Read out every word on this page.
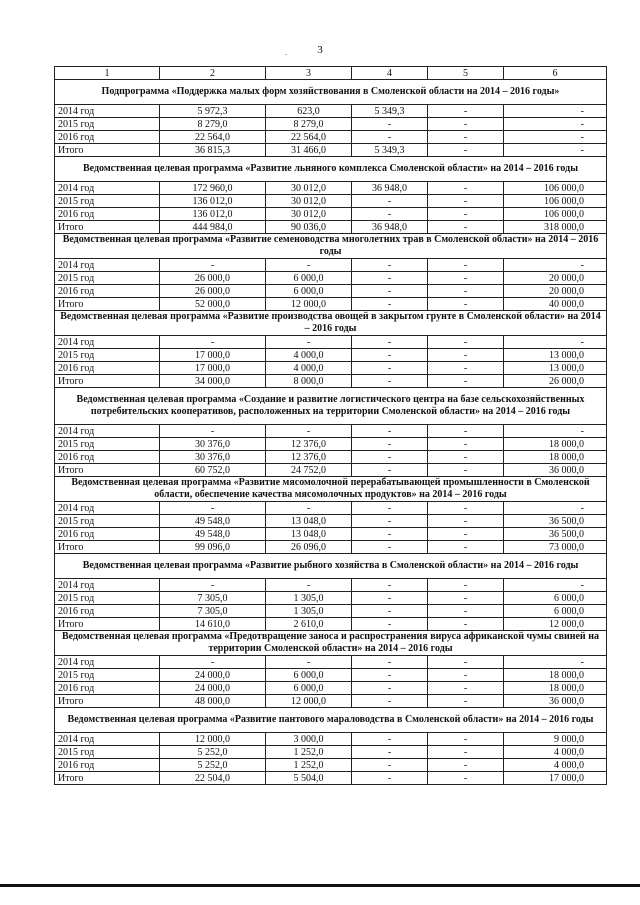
3
.
1	2	3	4	5	6
Подпрограмма «Поддержка малых форм хозяйствования в Смоленской области на 2014 – 2016 годы»					
2014 год	5 972,3	623,0	5 349,3	-	-
2015 год	8 279,0	8 279,0	-	-	-
2016 год	22 564,0	22 564,0	-	-	-
Итого	36 815,3	31 466,0	5 349,3	-	-
Ведомственная целевая программа «Развитие льняного комплекса Смоленской области» на 2014 – 2016 годы					
2014 год	172 960,0	30 012,0	36 948,0	-	106 000,0
2015 год	136 012,0	30 012,0	-	-	106 000,0
2016 год	136 012,0	30 012,0	-	-	106 000,0
Итого	444 984,0	90 036,0	36 948,0	-	318 000,0
Ведомственная целевая программа «Развитие семеноводства многолетних трав в Смоленской области» на 2014 – 2016 годы					
2014 год	-	-	-	-	-
2015 год	26 000,0	6 000,0	-	-	20 000,0
2016 год	26 000,0	6 000,0	-	-	20 000,0
Итого	52 000,0	12 000,0	-	-	40 000,0
Ведомственная целевая программа «Развитие производства овощей в закрытом грунте в Смоленской области» на 2014 – 2016 годы					
2014 год	-	-	-	-	-
2015 год	17 000,0	4 000,0	-	-	13 000,0
2016 год	17 000,0	4 000,0	-	-	13 000,0
Итого	34 000,0	8 000,0	-	-	26 000,0
Ведомственная целевая программа «Создание и развитие логистического центра на базе сельскохозяйственных потребительских кооперативов, расположенных на территории Смоленской области» на 2014 – 2016 годы					
2014 год	-	-	-	-	-
2015 год	30 376,0	12 376,0	-	-	18 000,0
2016 год	30 376,0	12 376,0	-	-	18 000,0
Итого	60 752,0	24 752,0	-	-	36 000,0
Ведомственная целевая программа «Развитие мясомолочной перерабатывающей промышленности в Смоленской области, обеспечение качества мясомолочных продуктов» на 2014 – 2016 годы					
2014 год	-	-	-	-	-
2015 год	49 548,0	13 048,0	-	-	36 500,0
2016 год	49 548,0	13 048,0	-	-	36 500,0
Итого	99 096,0	26 096,0	-	-	73 000,0
Ведомственная целевая программа «Развитие рыбного хозяйства в Смоленской области» на 2014 – 2016 годы					
2014 год	-	-	-	-	-
2015 год	7 305,0	1 305,0	-	-	6 000,0
2016 год	7 305,0	1 305,0	-	-	6 000,0
Итого	14 610,0	2 610,0	-	-	12 000,0
Ведомственная целевая программа «Предотвращение заноса и распространения вируса африканской чумы свиней на территории Смоленской области» на 2014 – 2016 годы					
2014 год	-	-	-	-	-
2015 год	24 000,0	6 000,0	-	-	18 000,0
2016 год	24 000,0	6 000,0	-	-	18 000,0
Итого	48 000,0	12 000,0	-	-	36 000,0
Ведомственная целевая программа «Развитие пантового мараловодства в Смоленской области» на 2014 – 2016 годы					
2014 год	12 000,0	3 000,0	-	-	9 000,0
2015 год	5 252,0	1 252,0	-	-	4 000,0
2016 год	5 252,0	1 252,0	-	-	4 000,0
Итого	22 504,0	5 504,0	-	-	17 000,0
